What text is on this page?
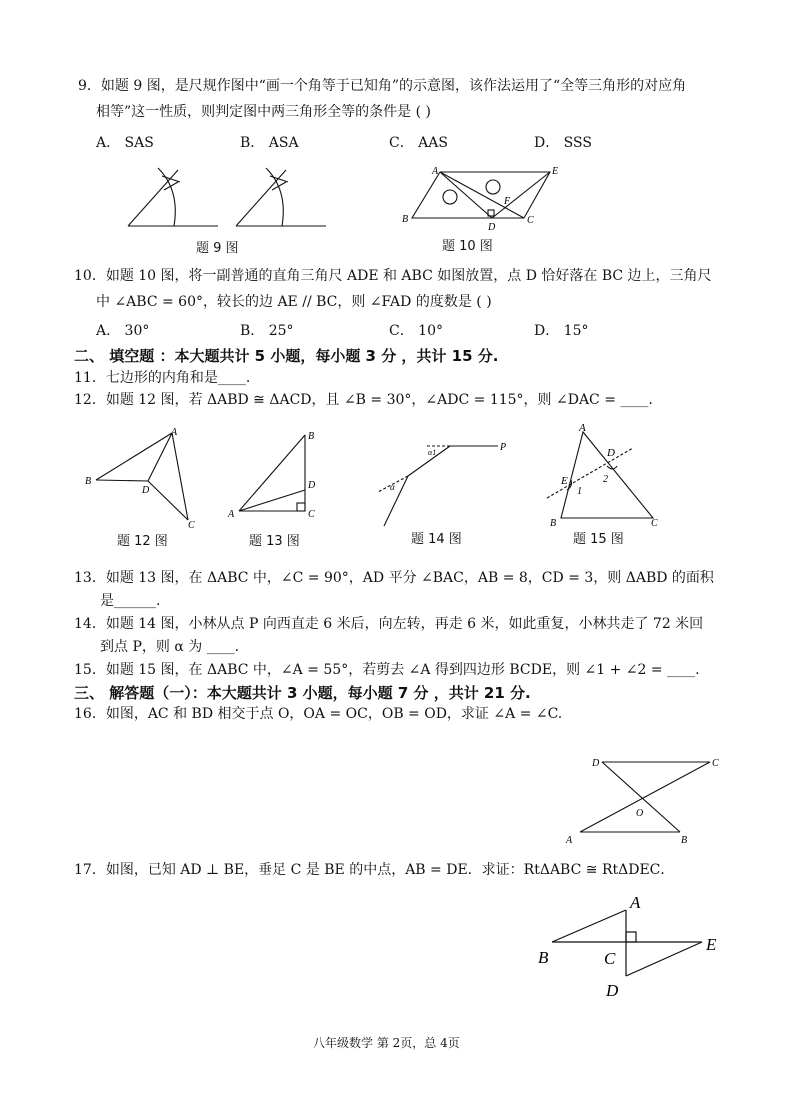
9．如题 9 图，是尺规作图中“画一个角等于已知角”的示意图，该作法运用了“全等三角形的对应角
相等”这一性质，则判定图中两三角形全等的条件是 ( )
A． SAS	B． ASA	C． AAS	D． SSS
题 9 图
A	E
F
B
D
C
题 10 图
10．如题 10 图，将一副普通的直角三角尺 ADE 和 ABC 如图放置，点 D 恰好落在 BC 边上，三角尺
中 ∠ABC = 60°，较长的边 AE // BC，则 ∠FAD 的度数是 ( )
A． 30°	B． 25°	C． 10°	D． 15°
二、 填空题 ：本大题共计 5 小题，每小题 3 分 ，共计 15 分.
11．七边形的内角和是____.
12．如题 12 图，若 ΔABD ≅ ΔACD，且 ∠B = 30°，∠ADC = 115°，则 ∠DAC = ____.
A
B
D
C
题 12 图
B
D
A	C
题 13 图
P
α1
α
题 14 图
A
D
E
1
2
B	C
题 15 图
13．如题 13 图，在 ΔABC 中，∠C = 90°，AD 平分 ∠BAC，AB = 8，CD = 3，则 ΔABD 的面积
是______.
14．如题 14 图，小林从点 P 向西直走 6 米后，向左转，再走 6 米，如此重复，小林共走了 72 米回
到点 P，则 α 为 ____.
15．如题 15 图，在 ΔABC 中，∠A = 55°，若剪去 ∠A 得到四边形 BCDE，则 ∠1 + ∠2 = ____.
三、 解答题（一）：本大题共计 3 小题，每小题 7 分 ，共计 21 分.
16．如图，AC 和 BD 相交于点 O，OA = OC，OB = OD，求证 ∠A = ∠C.
D	C
O
A	B
17．如图，已知 AD ⊥ BE，垂足 C 是 BE 的中点，AB = DE．求证：RtΔABC ≅ RtΔDEC．
A
B	C
E
D
八年级数学 第 2页，总 4页
